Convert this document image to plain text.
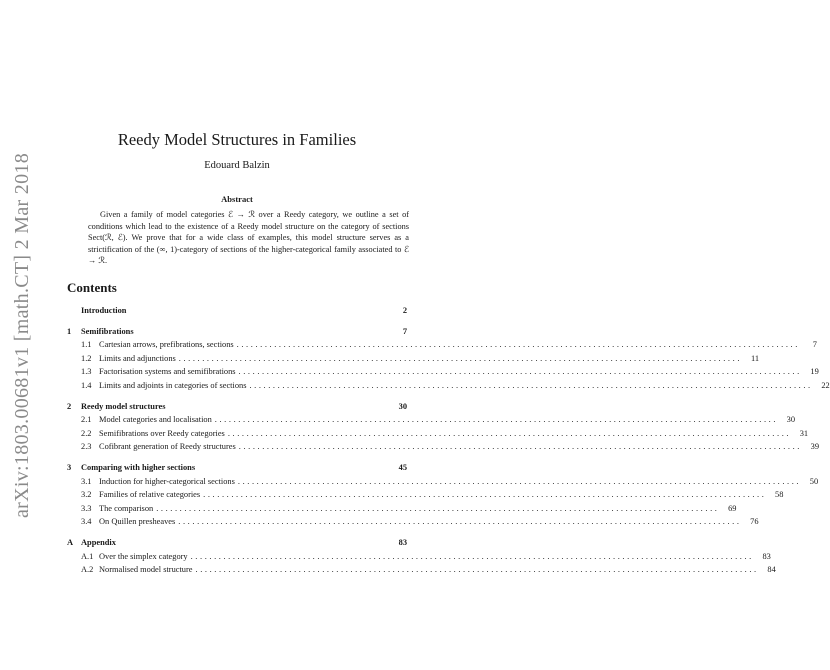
arXiv:1803.00681v1 [math.CT] 2 Mar 2018
Reedy Model Structures in Families
Edouard Balzin
Abstract
Given a family of model categories ℰ → ℛ over a Reedy category, we outline a set of conditions which lead to the existence of a Reedy model structure on the category of sections Sect(ℛ, ℰ). We prove that for a wide class of examples, this model structure serves as a strictification of the (∞, 1)-category of sections of the higher-categorical family associated to ℰ → ℛ.
Contents
Introduction	2
1	Semifibrations	7
1.1 Cartesian arrows, prefibrations, sections ........................................................................................................................	7
1.2 Limits and adjunctions ........................................................................................................................	11
1.3 Factorisation systems and semifibrations ........................................................................................................................	19
1.4 Limits and adjoints in categories of sections ........................................................................................................................	22
2	Reedy model structures	30
2.1 Model categories and localisation ........................................................................................................................	30
2.2 Semifibrations over Reedy categories ........................................................................................................................	31
2.3 Cofibrant generation of Reedy structures ........................................................................................................................	39
3	Comparing with higher sections	45
3.1 Induction for higher-categorical sections ........................................................................................................................	50
3.2 Families of relative categories ........................................................................................................................	58
3.3 The comparison ........................................................................................................................	69
3.4 On Quillen presheaves ........................................................................................................................	76
A Appendix	83
A.1 Over the simplex category ........................................................................................................................	83
A.2 Normalised model structure ........................................................................................................................	84
